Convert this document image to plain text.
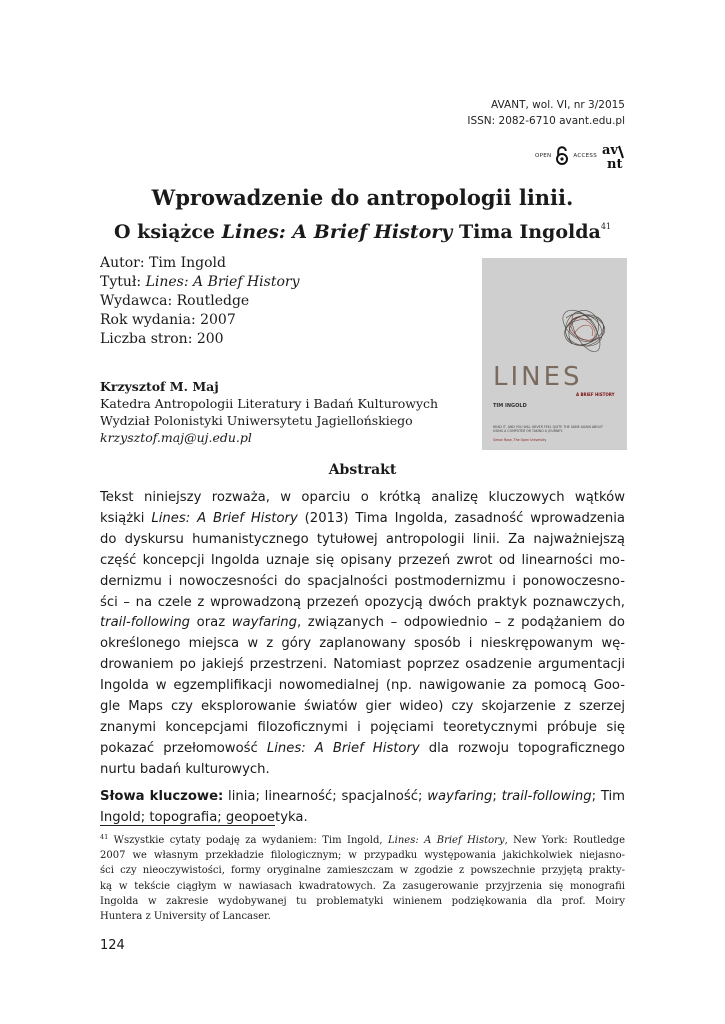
AVANT, wol. VI, nr 3/2015
ISSN: 2082-6710 avant.edu.pl
OPEN	ACCESS av
nt
Wprowadzenie do antropologii linii.
O książce Lines: A Brief History Tima Ingolda$^{41}$
Autor: Tim Ingold
Tytuł: Lines: A Brief History
Wydawca: Routledge
Rok wydania: 2007
Liczba stron: 200
LINES
A BRIEF HISTORY
TIM INGOLD
READ IT, AND YOU WILL NEVER FEEL QUITE THE SAME AGAIN ABOUT USING A COMPUTER OR TAKING A JOURNEY.
Simon Rose, The Open University
Krzysztof M. Maj
Katedra Antropologii Literatury i Badań Kulturowych
Wydział Polonistyki Uniwersytetu Jagiellońskiego
krzysztof.maj@uj.edu.pl
Abstrakt
Tekst niniejszy rozważa, w oparciu o krótką analizę kluczowych wątków
książki Lines: A Brief History (2013) Tima Ingolda, zasadność wprowadzenia
do dyskursu humanistycznego tytułowej antropologii linii. Za najważniejszą
część koncepcji Ingolda uznaje się opisany przezeń zwrot od linearności mo-
dernizmu i nowoczesności do spacjalności postmodernizmu i ponowoczesno-
ści – na czele z wprowadzoną przezeń opozycją dwóch praktyk poznawczych,
trail-following oraz wayfaring, związanych – odpowiednio – z podążaniem do
określonego miejsca w z góry zaplanowany sposób i nieskrępowanym wę-
drowaniem po jakiejś przestrzeni. Natomiast poprzez osadzenie argumentacji
Ingolda w egzemplifikacji nowomedialnej (np. nawigowanie za pomocą Goo-
gle Maps czy eksplorowanie światów gier wideo) czy skojarzenie z szerzej
znanymi koncepcjami filozoficznymi i pojęciami teoretycznymi próbuje się
pokazać przełomowość Lines: A Brief History dla rozwoju topograficznego
nurtu badań kulturowych.
Słowa kluczowe: linia; linearność; spacjalność; wayfaring; trail-following; Tim
Ingold; topografia; geopoetyka.
$^{41}$ Wszystkie cytaty podaję za wydaniem: Tim Ingold, Lines: A Brief History, New York: Routledge
2007 we własnym przekładzie filologicznym; w przypadku występowania jakichkolwiek niejasno-
ści czy nieoczywistości, formy oryginalne zamieszczam w zgodzie z powszechnie przyjętą prakty-
ką w tekście ciągłym w nawiasach kwadratowych. Za zasugerowanie przyjrzenia się monografii
Ingolda w zakresie wydobywanej tu problematyki winienem podziękowania dla prof. Moiry
Huntera z University of Lancaser.
124
